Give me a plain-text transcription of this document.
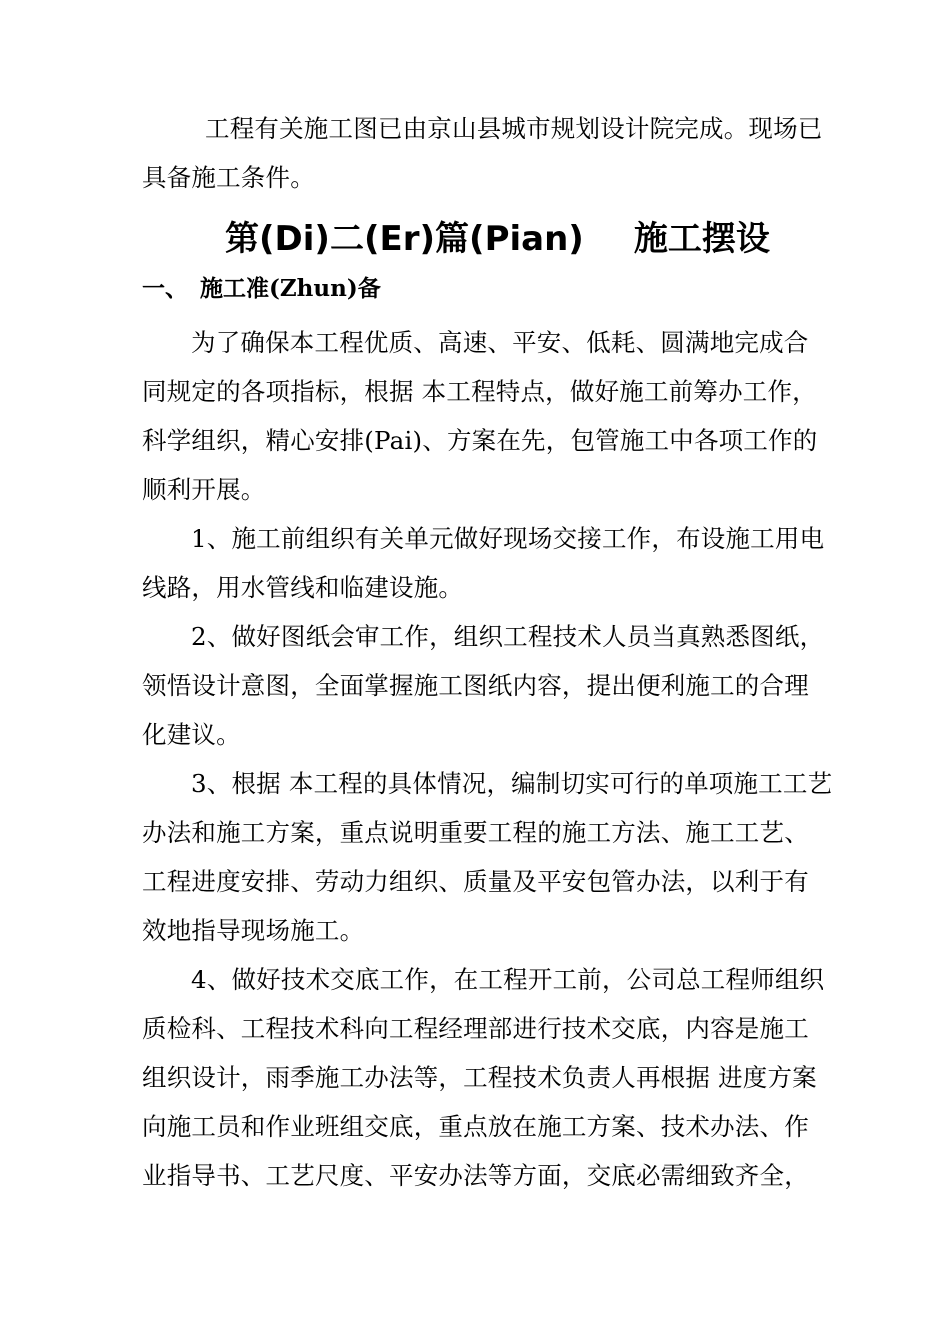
工程有关施工图已由京山县城市规划设计院完成。现场已
具备施工条件。

第(Di)二(Er)篇(Pian) 施工摆设
一、 施工准(Zhun)备

为了确保本工程优质、高速、平安、低耗、圆满地完成合
同规定的各项指标，根据 本工程特点，做好施工前筹办工作，
科学组织，精心安排(Pai)、方案在先，包管施工中各项工作的
顺利开展。

1、施工前组织有关单元做好现场交接工作，布设施工用电
线路，用水管线和临建设施。

2、做好图纸会审工作，组织工程技术人员当真熟悉图纸，
领悟设计意图，全面掌握施工图纸内容，提出便利施工的合理
化建议。

3、根据 本工程的具体情况，编制切实可行的单项施工工艺
办法和施工方案，重点说明重要工程的施工方法、施工工艺、
工程进度安排、劳动力组织、质量及平安包管办法，以利于有
效地指导现场施工。

4、做好技术交底工作，在工程开工前，公司总工程师组织
质检科、工程技术科向工程经理部进行技术交底，内容是施工
组织设计，雨季施工办法等，工程技术负责人再根据 进度方案
向施工员和作业班组交底，重点放在施工方案、技术办法、作
业指导书、工艺尺度、平安办法等方面，交底必需细致齐全，
